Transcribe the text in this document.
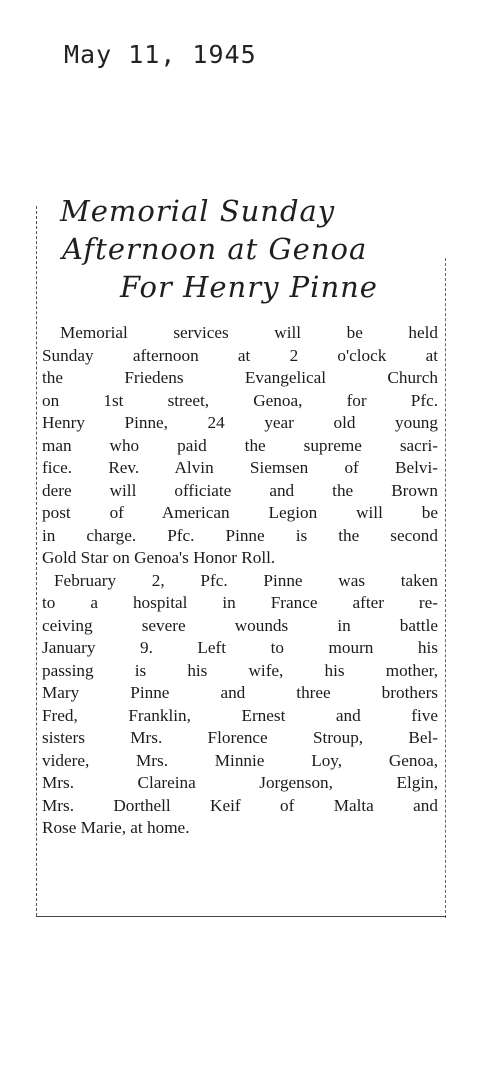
May 11, 1945
Memorial Sunday
Afternoon at Genoa
For Henry Pinne

Memorial services will be held
Sunday afternoon at 2 o'clock at
the Friedens Evangelical Church
on 1st street, Genoa, for Pfc.
Henry Pinne, 24 year old young
man who paid the supreme sacri-
fice. Rev. Alvin Siemsen of Belvi-
dere will officiate and the Brown
post of American Legion will be
in charge. Pfc. Pinne is the second
Gold Star on Genoa's Honor Roll.

February 2, Pfc. Pinne was taken
to a hospital in France after re-
ceiving severe wounds in battle
January 9. Left to mourn his
passing is his wife, his mother,
Mary Pinne and three brothers
Fred, Franklin, Ernest and five
sisters Mrs. Florence Stroup, Bel-
videre, Mrs. Minnie Loy, Genoa,
Mrs. Clareina Jorgenson, Elgin,
Mrs. Dorthell Keif of Malta and
Rose Marie, at home.
